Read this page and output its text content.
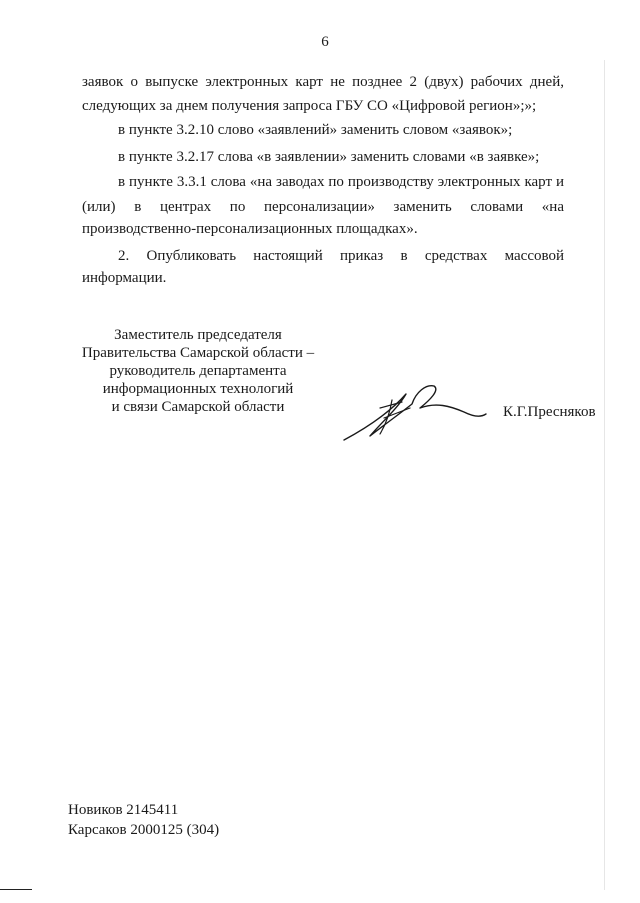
6
заявок о выпуске электронных карт не позднее 2 (двух) рабочих дней,
следующих за днем получения запроса ГБУ СО «Цифровой регион»;»;
в пункте 3.2.10 слово «заявлений» заменить словом «заявок»;
в пункте 3.2.17 слова «в заявлении» заменить словами «в заявке»;
в пункте 3.3.1 слова «на заводах по производству электронных карт и
(или) в центрах по персонализации» заменить словами «на
производственно-персонализационных площадках».
2. Опубликовать настоящий приказ в средствах массовой
информации.
Заместитель председателя
Правительства Самарской области –
руководитель департамента
информационных технологий
и связи Самарской области	К.Г.Пресняков
Новиков 2145411
Карсаков 2000125 (304)
